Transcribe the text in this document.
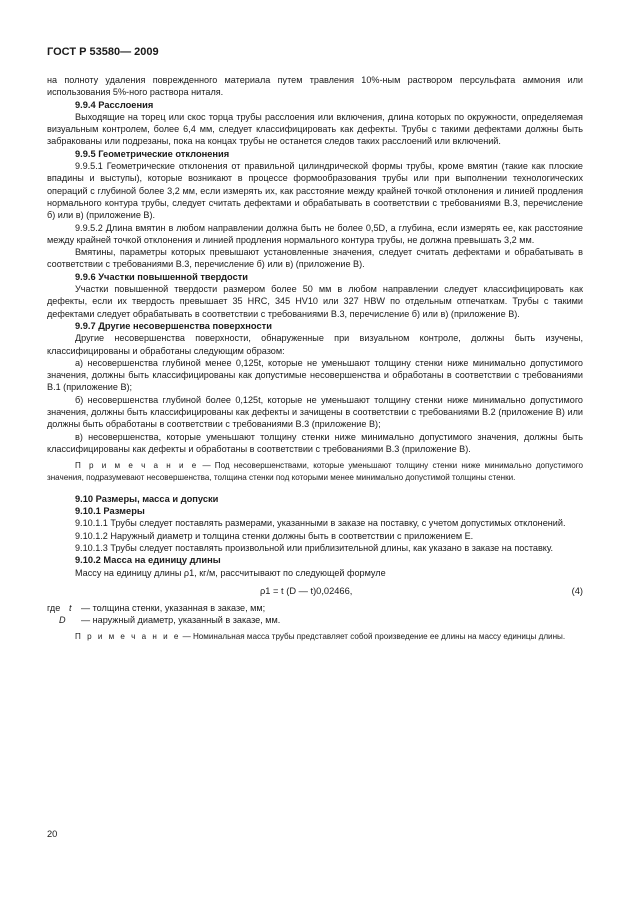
ГОСТ Р 53580— 2009

на полноту удаления поврежденного материала путем травления 10%-ным раствором персульфата аммония или использования 5%-ного раствора нитaля.

9.9.4 Расслоения

Выходящие на торец или скос торца трубы расслоения или включения, длина которых по окружности, определяемая визуальным контролем, более 6,4 мм, следует классифицировать как дефекты. Трубы с такими дефектами должны быть забракованы или подрезаны, пока на концах трубы не останется следов таких расслоений или включений.

9.9.5 Геометрические отклонения

9.9.5.1 Геометрические отклонения от правильной цилиндрической формы трубы, кроме вмятин (такие как плоские впадины и выступы), которые возникают в процессе формообразования трубы или при выполнении технологических операций с глубиной более 3,2 мм, если измерять их, как расстояние между крайней точкой отклонения и линией продления нормального контура трубы, следует считать дефектами и обрабатывать в соответствии с требованиями В.3, перечисление б) или в) (приложение В).

9.9.5.2 Длина вмятин в любом направлении должна быть не более 0,5D, а глубина, если измерять ее, как расстояние между крайней точкой отклонения и линией продления нормального контура трубы, не должна превышать 3,2 мм.

Вмятины, параметры которых превышают установленные значения, следует считать дефектами и обрабатывать в соответствии с требованиями В.3, перечисление б) или в) (приложение В).

9.9.6 Участки повышенной твердости

Участки повышенной твердости размером более 50 мм в любом направлении следует классифицировать как дефекты, если их твердость превышает 35 HRC, 345 HV10 или 327 HBW по отдельным отпечаткам. Трубы с такими дефектами следует обрабатывать в соответствии с требованиями В.3, перечисление б) или в) (приложение В).

9.9.7 Другие несовершенства поверхности

Другие несовершенства поверхности, обнаруженные при визуальном контроле, должны быть изучены, классифицированы и обработаны следующим образом:

а) несовершенства глубиной менее 0,125t, которые не уменьшают толщину стенки ниже минимально допустимого значения, должны быть классифицированы как допустимые несовершенства и обработаны в соответствии с требованиями В.1 (приложение В);

б) несовершенства глубиной более 0,125t, которые не уменьшают толщину стенки ниже минимально допустимого значения, должны быть классифицированы как дефекты и зачищены в соответствии с требованиями В.2 (приложение В) или должны быть обработаны в соответствии с требованиями В.3 (приложение В);

в) несовершенства, которые уменьшают толщину стенки ниже минимально допустимого значения, должны быть классифицированы как дефекты и обработаны в соответствии с требованиями В.3 (приложение В).

П р и м е ч а н и е — Под несовершенствами, которые уменьшают толщину стенки ниже минимально допустимого значения, подразумевают несовершенства, толщина стенки под которыми менее минимально допустимой толщины стенки.

9.10 Размеры, масса и допуски

9.10.1 Размеры

9.10.1.1 Трубы следует поставлять размерами, указанными в заказе на поставку, с учетом допустимых отклонений.

9.10.1.2 Наружный диаметр и толщина стенки должны быть в соответствии с приложением Е.

9.10.1.3 Трубы следует поставлять произвольной или приблизительной длины, как указано в заказе на поставку.

9.10.2 Масса на единицу длины

Массу на единицу длины ρ1, кг/м, рассчитывают по следующей формуле

ρ1 = t (D — t)0,02466,	(4)
где t — толщина стенки, указанная в заказе, мм;
D — наружный диаметр, указанный в заказе, мм.

П р и м е ч а н и е — Номинальная масса трубы представляет собой произведение ее длины на массу единицы длины.

20
